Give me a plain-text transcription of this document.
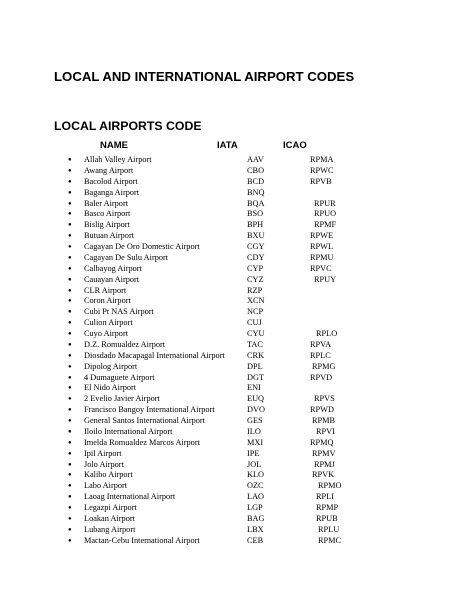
LOCAL AND INTERNATIONAL AIRPORT CODES
LOCAL AIRPORTS CODE
NAME	IATA	ICAO
● Allah Valley Airport	AAV	RPMA
● Awang Airport	CBO	RPWC
● Bacolod Airport	BCD	RPVB
● Baganga Airport	BNQ
● Baler Airport	BQA	RPUR
● Basco Airport	BSO	RPUO
● Bislig Airport	BPH	RPMF
● Butuan Airport	BXU	RPWE
● Cagayan De Oro Domestic Airport	CGY	RPWL
● Cagayan De Sulu Airport	CDY	RPMU
● Calbayog Airport	CYP	RPVC
● Cauayan Airport	CYZ	RPUY
● CLR Airport	RZP
● Coron Airport	XCN
● Cubi Pt NAS Airport	NCP
● Culion Airport	CUJ
● Cuyo Airport	CYU	RPLO
● D.Z. Romualdez Airport	TAC	RPVA
● Diosdado Macapagal International Airport	CRK	RPLC
● Dipolog Airport	DPL	RPMG
● 4 Dumaguete Airport	DGT	RPVD
● El Nido Airport	ENI
● 2 Evelio Javier Airport	EUQ	RPVS
● Francisco Bangoy International Airport	DVO	RPWD
● General Santos International Airport	GES	RPMB
● Iloilo International Airport	ILO	RPVI
● Imelda Romualdez Marcos Airport	MXI	RPMQ
● Ipil Airport	IPE	RPMV
● Jolo Airport	JOL	RPMJ
● Kalibo Airport	KLO	RPVK
● Labo Airport	OZC	RPMO
● Laoag International Airport	LAO	RPLI
● Legazpi Airport	LGP	RPMP
● Loakan Airport	BAG	RPUB
● Lubang Airport	LBX	RPLU
● Mactan-Cebu International Airport	CEB	RPMC
